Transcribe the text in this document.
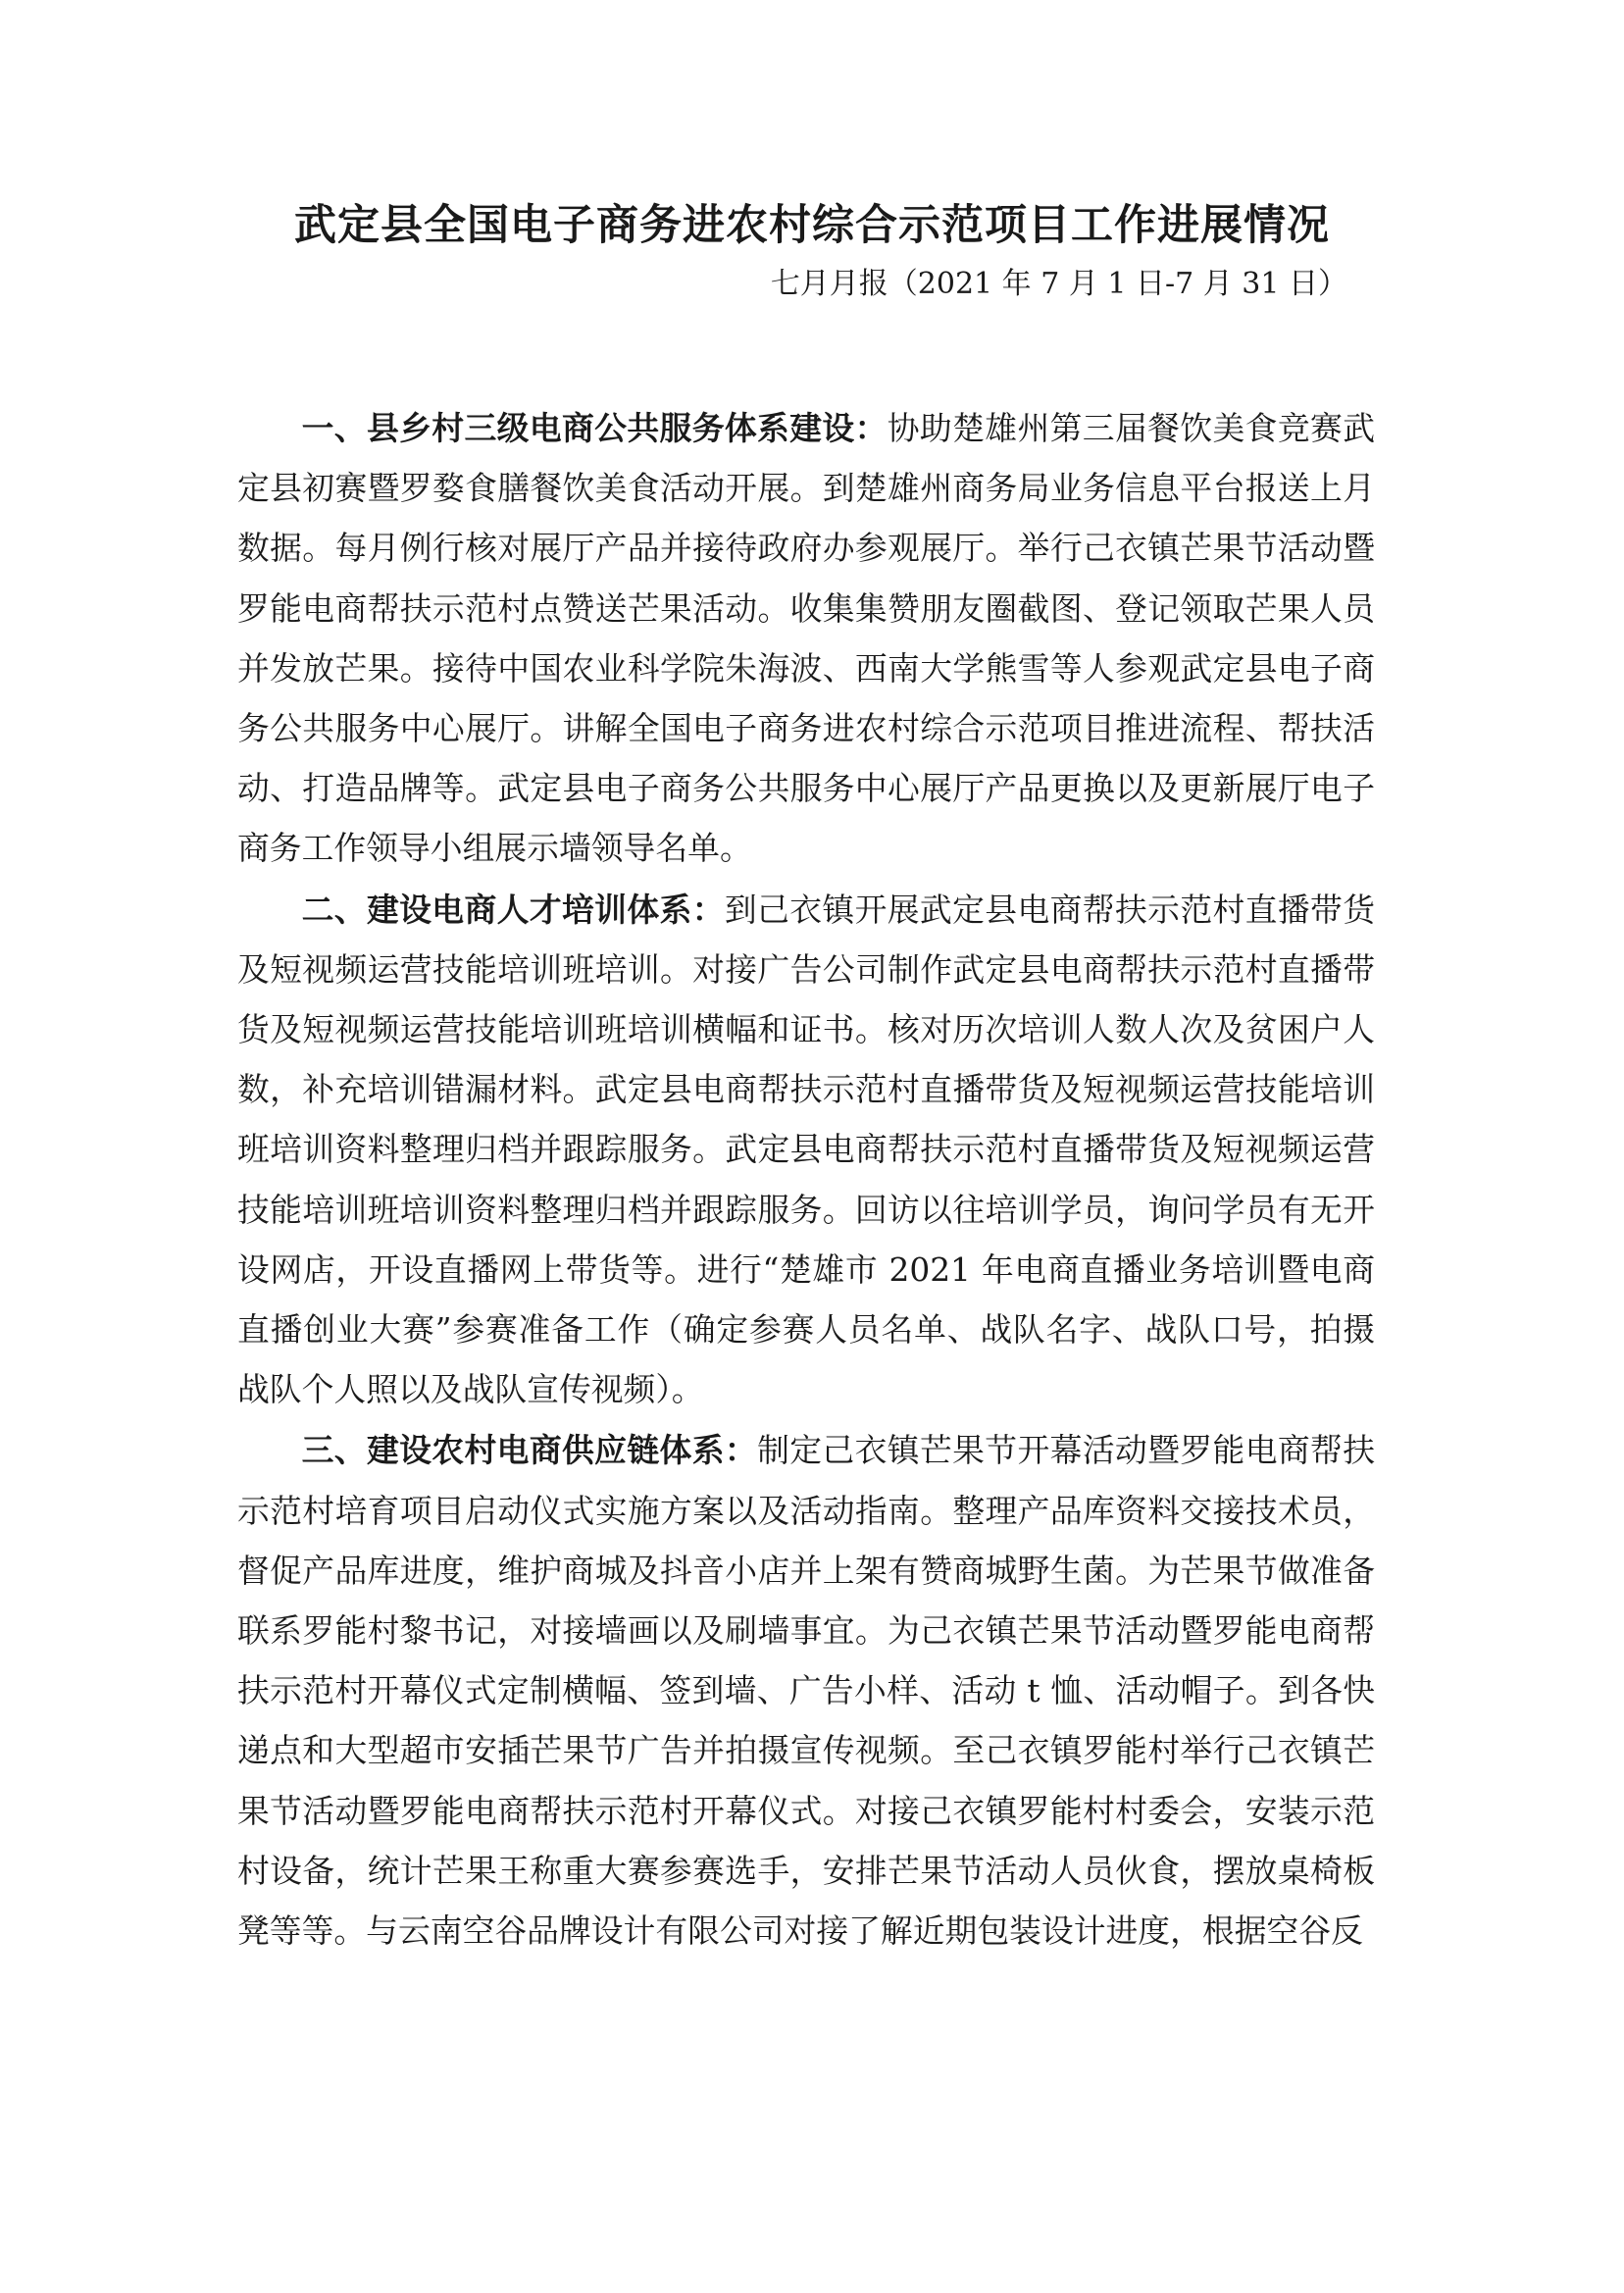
武定县全国电子商务进农村综合示范项目工作进展情况
七月月报（2021 年 7 月 1 日-7 月 31 日）

一、县乡村三级电商公共服务体系建设：协助楚雄州第三届餐饮美食竞赛武定县初赛暨罗婺食膳餐饮美食活动开展。到楚雄州商务局业务信息平台报送上月数据。每月例行核对展厅产品并接待政府办参观展厅。举行己衣镇芒果节活动暨罗能电商帮扶示范村点赞送芒果活动。收集集赞朋友圈截图、登记领取芒果人员并发放芒果。接待中国农业科学院朱海波、西南大学熊雪等人参观武定县电子商务公共服务中心展厅。讲解全国电子商务进农村综合示范项目推进流程、帮扶活动、打造品牌等。武定县电子商务公共服务中心展厅产品更换以及更新展厅电子商务工作领导小组展示墙领导名单。

二、建设电商人才培训体系：到己衣镇开展武定县电商帮扶示范村直播带货及短视频运营技能培训班培训。对接广告公司制作武定县电商帮扶示范村直播带货及短视频运营技能培训班培训横幅和证书。核对历次培训人数人次及贫困户人数，补充培训错漏材料。武定县电商帮扶示范村直播带货及短视频运营技能培训班培训资料整理归档并跟踪服务。武定县电商帮扶示范村直播带货及短视频运营技能培训班培训资料整理归档并跟踪服务。回访以往培训学员，询问学员有无开设网店，开设直播网上带货等。进行“楚雄市 2021 年电商直播业务培训暨电商直播创业大赛”参赛准备工作（确定参赛人员名单、战队名字、战队口号，拍摄战队个人照以及战队宣传视频）。

三、建设农村电商供应链体系：制定己衣镇芒果节开幕活动暨罗能电商帮扶示范村培育项目启动仪式实施方案以及活动指南。整理产品库资料交接技术员，督促产品库进度，维护商城及抖音小店并上架有赞商城野生菌。为芒果节做准备联系罗能村黎书记，对接墙画以及刷墙事宜。为己衣镇芒果节活动暨罗能电商帮扶示范村开幕仪式定制横幅、签到墙、广告小样、活动 t 恤、活动帽子。到各快递点和大型超市安插芒果节广告并拍摄宣传视频。至己衣镇罗能村举行己衣镇芒果节活动暨罗能电商帮扶示范村开幕仪式。对接己衣镇罗能村村委会，安装示范村设备，统计芒果王称重大赛参赛选手，安排芒果节活动人员伙食，摆放桌椅板凳等等。与云南空谷品牌设计有限公司对接了解近期包装设计进度，根据空谷反
